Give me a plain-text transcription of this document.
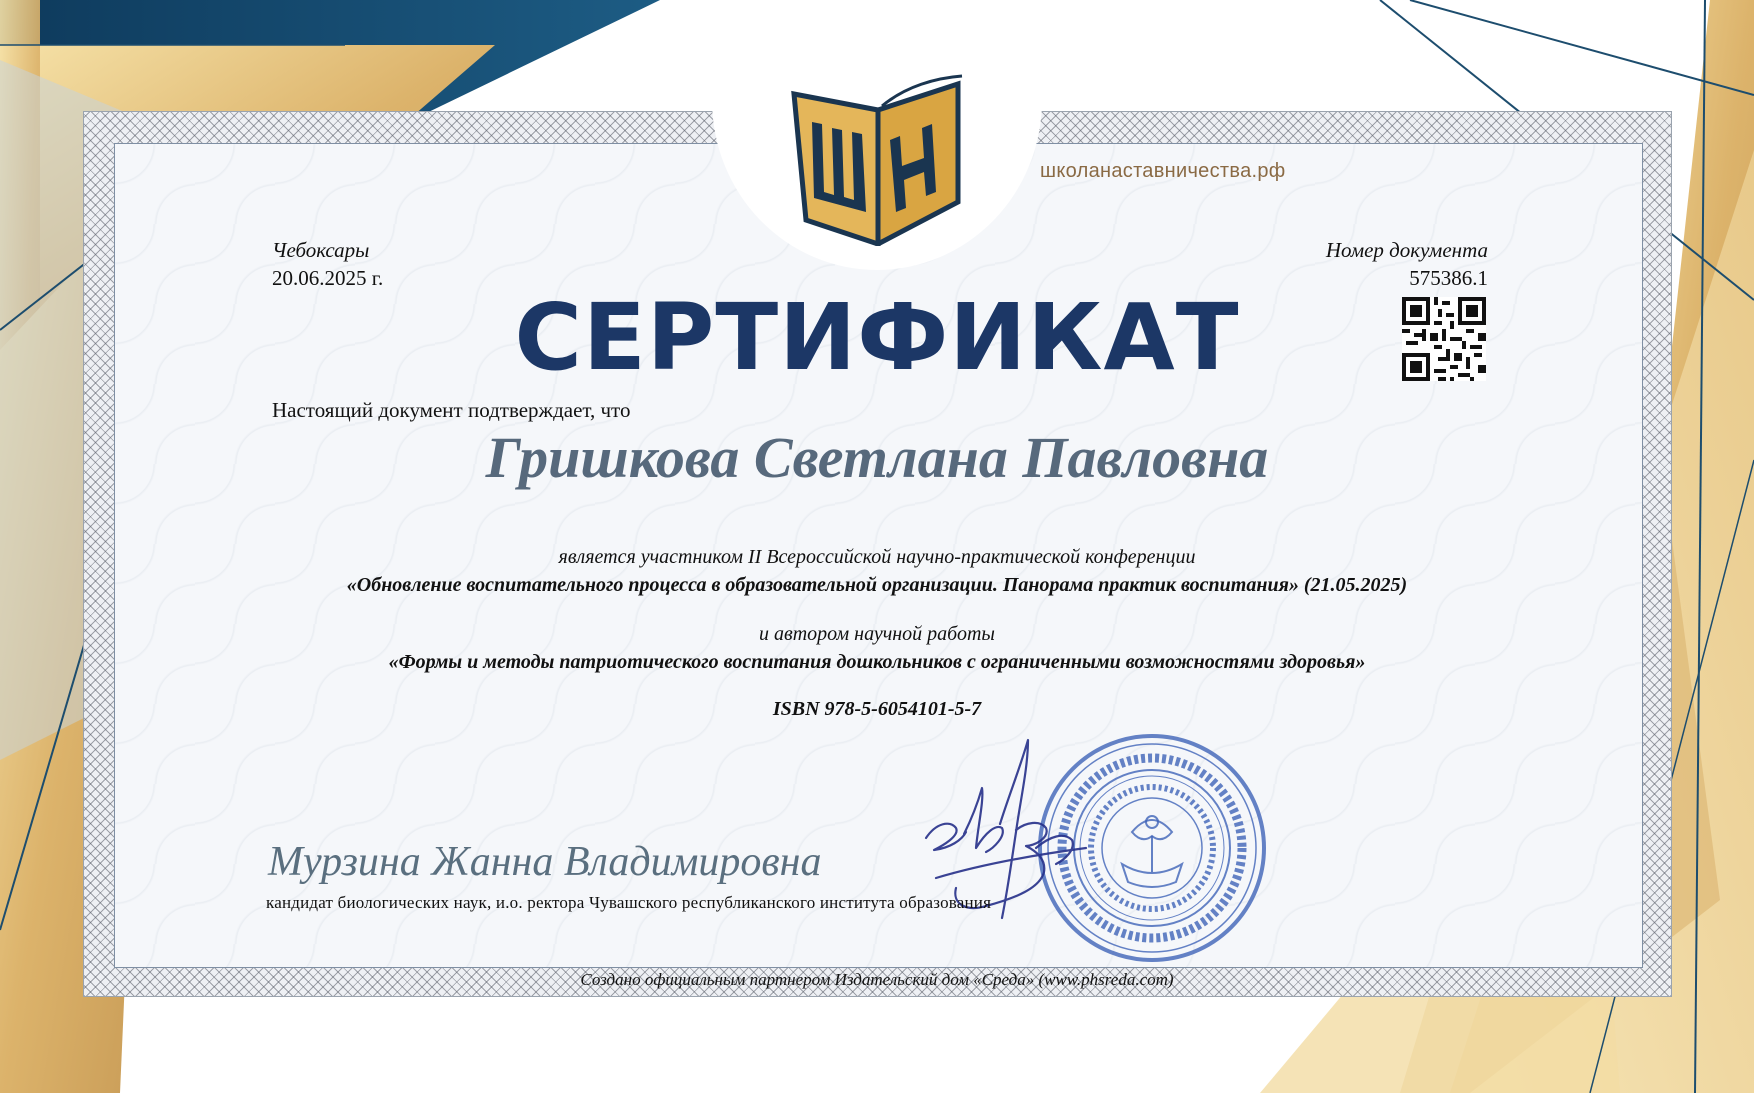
школанаставничества.рф
Чебоксары
20.06.2025 г.
Номер документа
575386.1
СЕРТИФИКАТ
Настоящий документ подтверждает, что
Гришкова Светлана Павловна
является участником II Всероссийской научно-практической конференции
«Обновление воспитательного процесса в образовательной организации. Панорама практик воспитания» (21.05.2025)
и автором научной работы
«Формы и методы патриотического воспитания дошкольников с ограниченными возможностями здоровья»
ISBN 978-5-6054101-5-7
Мурзина Жанна Владимировна
кандидат биологических наук, и.о. ректора Чувашского республиканского института образования
Создано официальным партнером Издательский дом «Среда» (www.phsreda.com)
